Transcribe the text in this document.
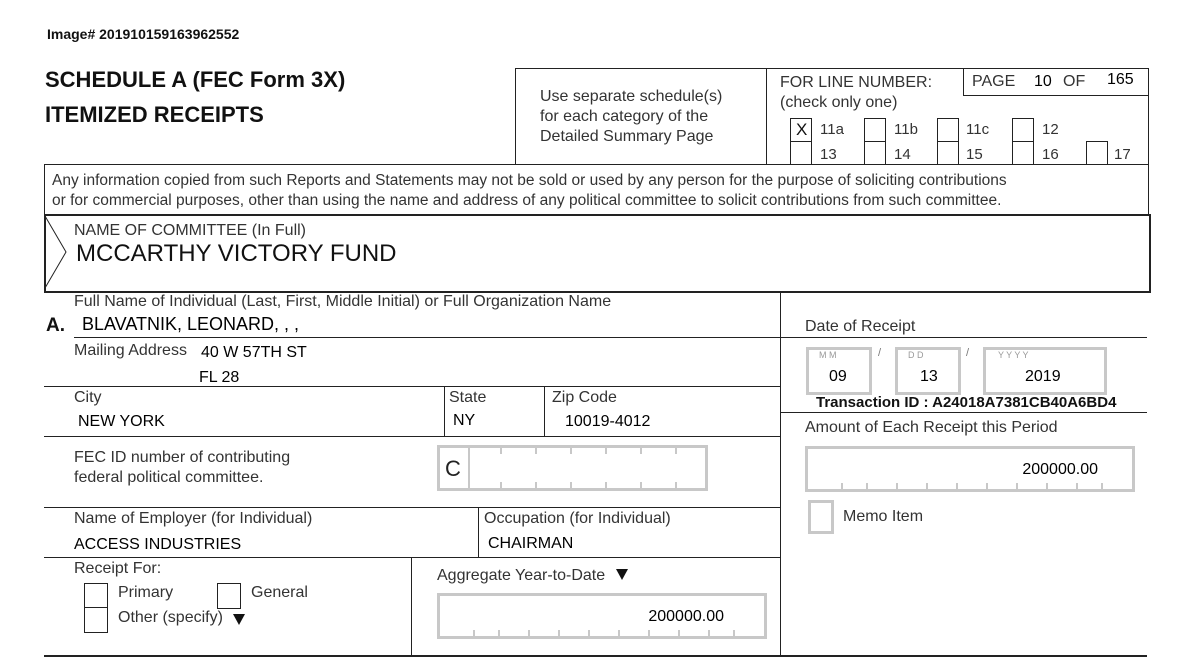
Image# 201910159163962552
SCHEDULE A (FEC Form 3X)
ITEMIZED RECEIPTS
Use separate schedule(s)
for each category of the
Detailed Summary Page
FOR LINE NUMBER:
(check only one)
PAGE 10 OF 165
X 11a	11b	11c	12
13	14	15	16	17
Any information copied from such Reports and Statements may not be sold or used by any person for the purpose of soliciting contributions
or for commercial purposes, other than using the name and address of any political committee to solicit contributions from such committee.
NAME OF COMMITTEE (In Full)
MCCARTHY VICTORY FUND
A.
Full Name of Individual (Last, First, Middle Initial) or Full Organization Name
BLAVATNIK, LEONARD, , ,
Mailing Address 40 W 57TH ST
FL 28
City
NEW YORK
State
NY
Zip Code
10019-4012
FEC ID number of contributing
federal political committee.	C
Name of Employer (for Individual)
ACCESS INDUSTRIES
Occupation (for Individual)
CHAIRMAN
Receipt For:
Primary	General
Other (specify)
Aggregate Year-to-Date
200000.00
Date of Receipt
M M
09
/	D D
13
/	Y Y Y Y
2019
Transaction ID : A24018A7381CB40A6BD4
Amount of Each Receipt this Period
200000.00
Memo Item
